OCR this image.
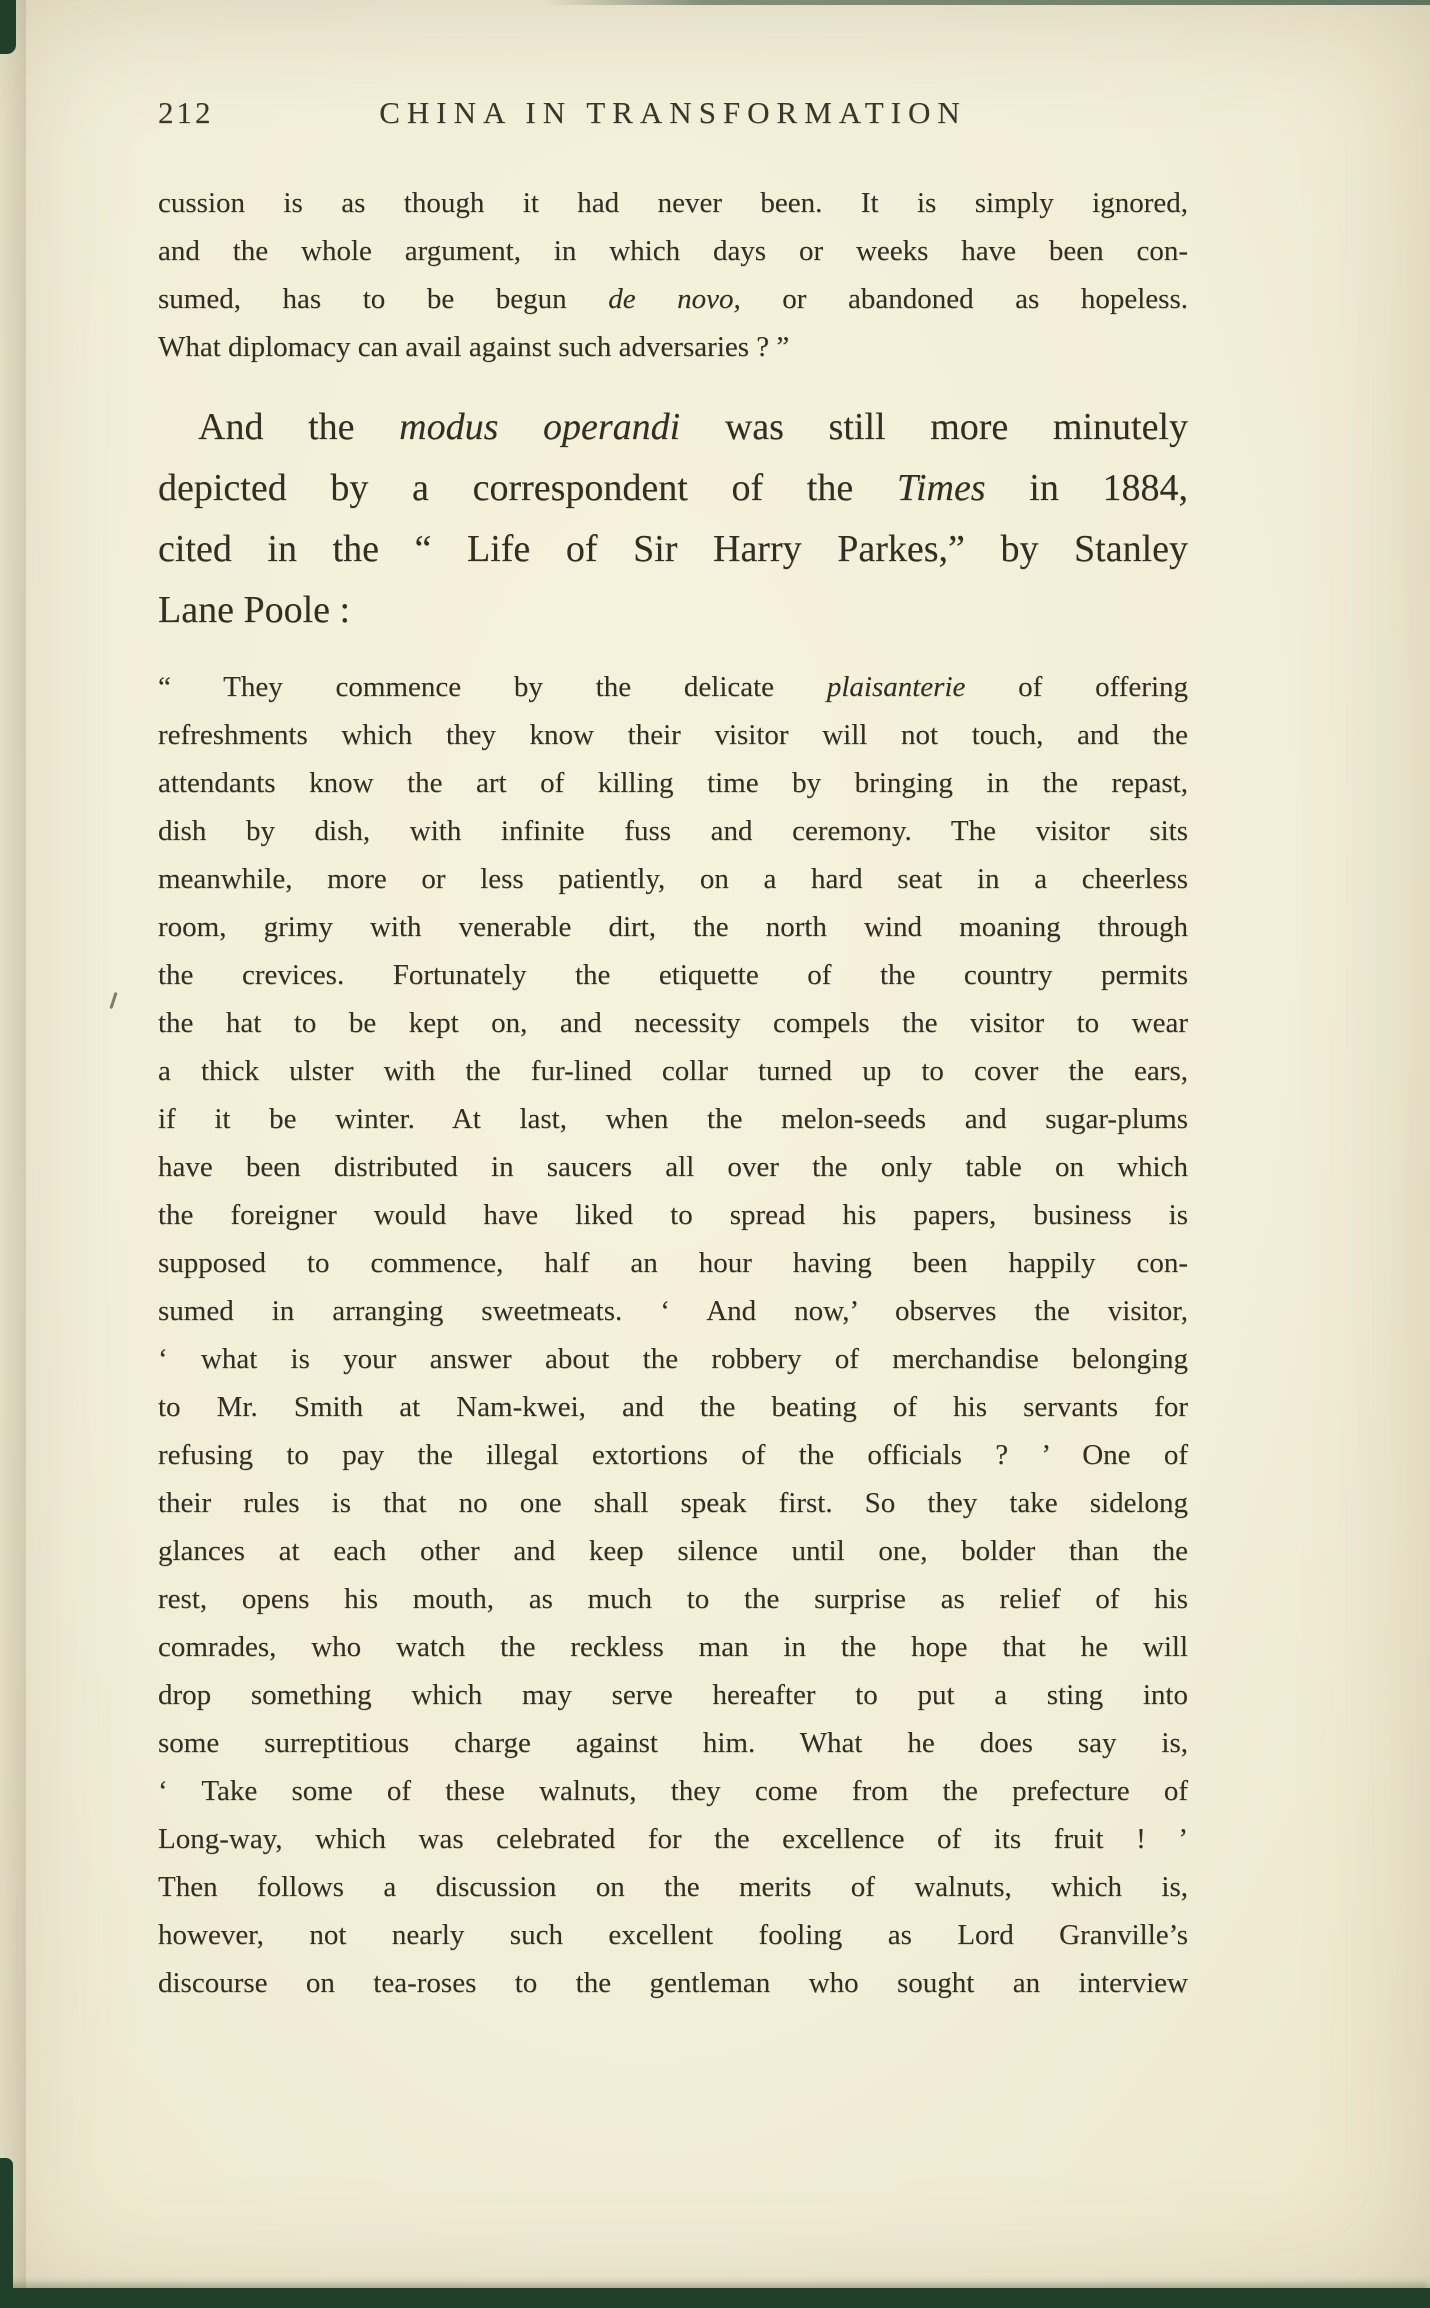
212	CHINA IN TRANSFORMATION
cussion is as though it had never been. It is simply ignored,
and the whole argument, in which days or weeks have been con-
sumed, has to be begun de novo, or abandoned as hopeless.
What diplomacy can avail against such adversaries ? ”
And the modus operandi was still more minutely
depicted by a correspondent of the Times in 1884,
cited in the “ Life of Sir Harry Parkes,” by Stanley
Lane Poole :
“ They commence by the delicate plaisanterie of offering
refreshments which they know their visitor will not touch, and the
attendants know the art of killing time by bringing in the repast,
dish by dish, with infinite fuss and ceremony. The visitor sits
meanwhile, more or less patiently, on a hard seat in a cheerless
room, grimy with venerable dirt, the north wind moaning through
the crevices. Fortunately the etiquette of the country permits
the hat to be kept on, and necessity compels the visitor to wear
a thick ulster with the fur-lined collar turned up to cover the ears,
if it be winter. At last, when the melon-seeds and sugar-plums
have been distributed in saucers all over the only table on which
the foreigner would have liked to spread his papers, business is
supposed to commence, half an hour having been happily con-
sumed in arranging sweetmeats. ‘ And now,’ observes the visitor,
‘ what is your answer about the robbery of merchandise belonging
to Mr. Smith at Nam-kwei, and the beating of his servants for
refusing to pay the illegal extortions of the officials ? ’ One of
their rules is that no one shall speak first. So they take sidelong
glances at each other and keep silence until one, bolder than the
rest, opens his mouth, as much to the surprise as relief of his
comrades, who watch the reckless man in the hope that he will
drop something which may serve hereafter to put a sting into
some surreptitious charge against him. What he does say is,
‘ Take some of these walnuts, they come from the prefecture of
Long-way, which was celebrated for the excellence of its fruit ! ’
Then follows a discussion on the merits of walnuts, which is,
however, not nearly such excellent fooling as Lord Granville’s
discourse on tea-roses to the gentleman who sought an interview
